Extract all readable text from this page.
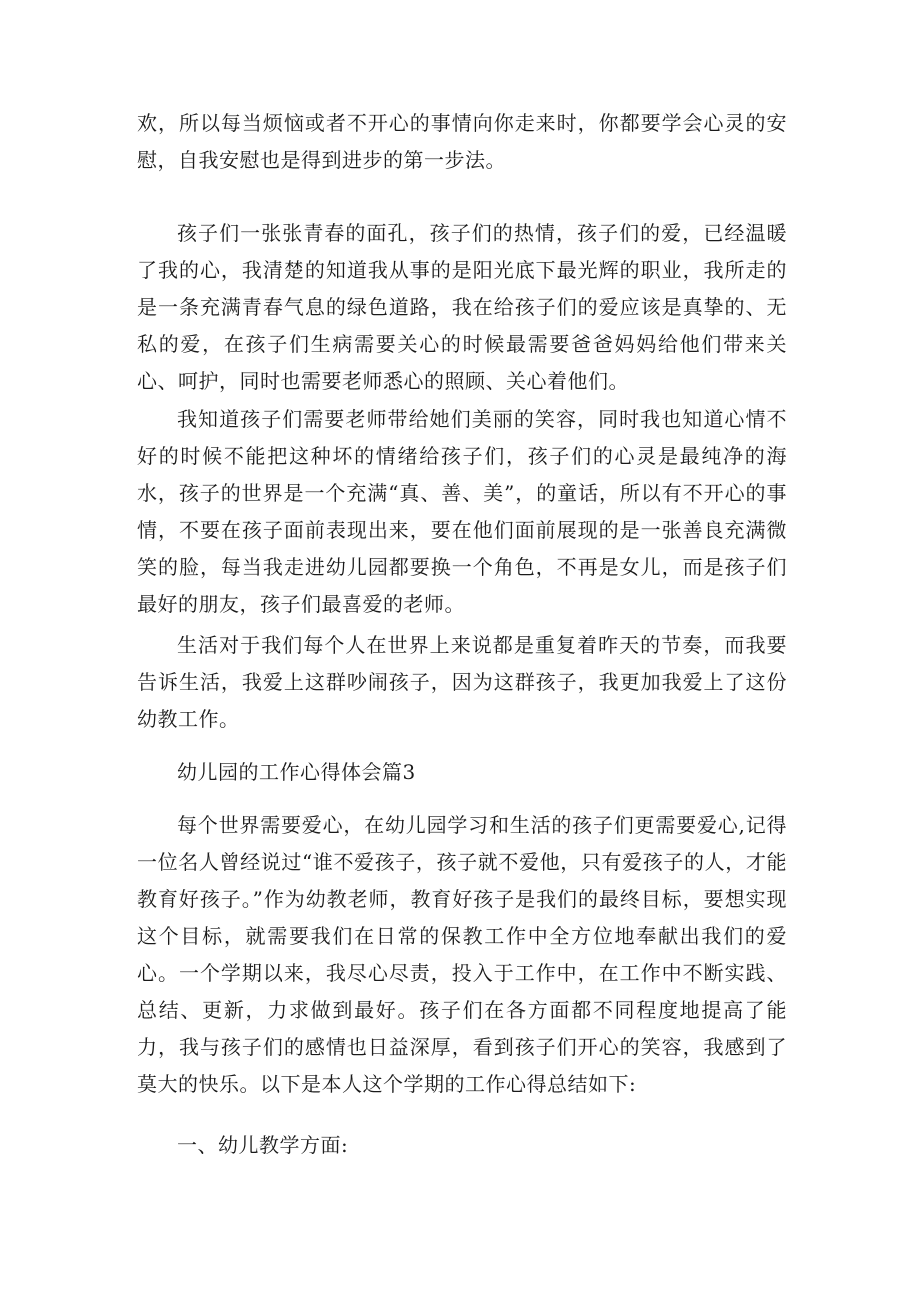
欢，所以每当烦恼或者不开心的事情向你走来时，你都要学会心灵的安慰，自我安慰也是得到进步的第一步法。

孩子们一张张青春的面孔，孩子们的热情，孩子们的爱，已经温暖了我的心，我清楚的知道我从事的是阳光底下最光辉的职业，我所走的是一条充满青春气息的绿色道路，我在给孩子们的爱应该是真挚的、无私的爱，在孩子们生病需要关心的时候最需要爸爸妈妈给他们带来关心、呵护，同时也需要老师悉心的照顾、关心着他们。

我知道孩子们需要老师带给她们美丽的笑容，同时我也知道心情不好的时候不能把这种坏的情绪给孩子们，孩子们的心灵是最纯净的海水，孩子的世界是一个充满“真、善、美”，的童话，所以有不开心的事情，不要在孩子面前表现出来，要在他们面前展现的是一张善良充满微笑的脸，每当我走进幼儿园都要换一个角色，不再是女儿，而是孩子们最好的朋友，孩子们最喜爱的老师。

生活对于我们每个人在世界上来说都是重复着昨天的节奏，而我要告诉生活，我爱上这群吵闹孩子，因为这群孩子，我更加我爱上了这份幼教工作。

幼儿园的工作心得体会篇3

每个世界需要爱心，在幼儿园学习和生活的孩子们更需要爱心,记得一位名人曾经说过“谁不爱孩子，孩子就不爱他，只有爱孩子的人，才能教育好孩子。”作为幼教老师，教育好孩子是我们的最终目标，要想实现这个目标，就需要我们在日常的保教工作中全方位地奉献出我们的爱心。一个学期以来，我尽心尽责，投入于工作中，在工作中不断实践、总结、更新，力求做到最好。孩子们在各方面都不同程度地提高了能力，我与孩子们的感情也日益深厚，看到孩子们开心的笑容，我感到了莫大的快乐。以下是本人这个学期的工作心得总结如下:

一、幼儿教学方面:
